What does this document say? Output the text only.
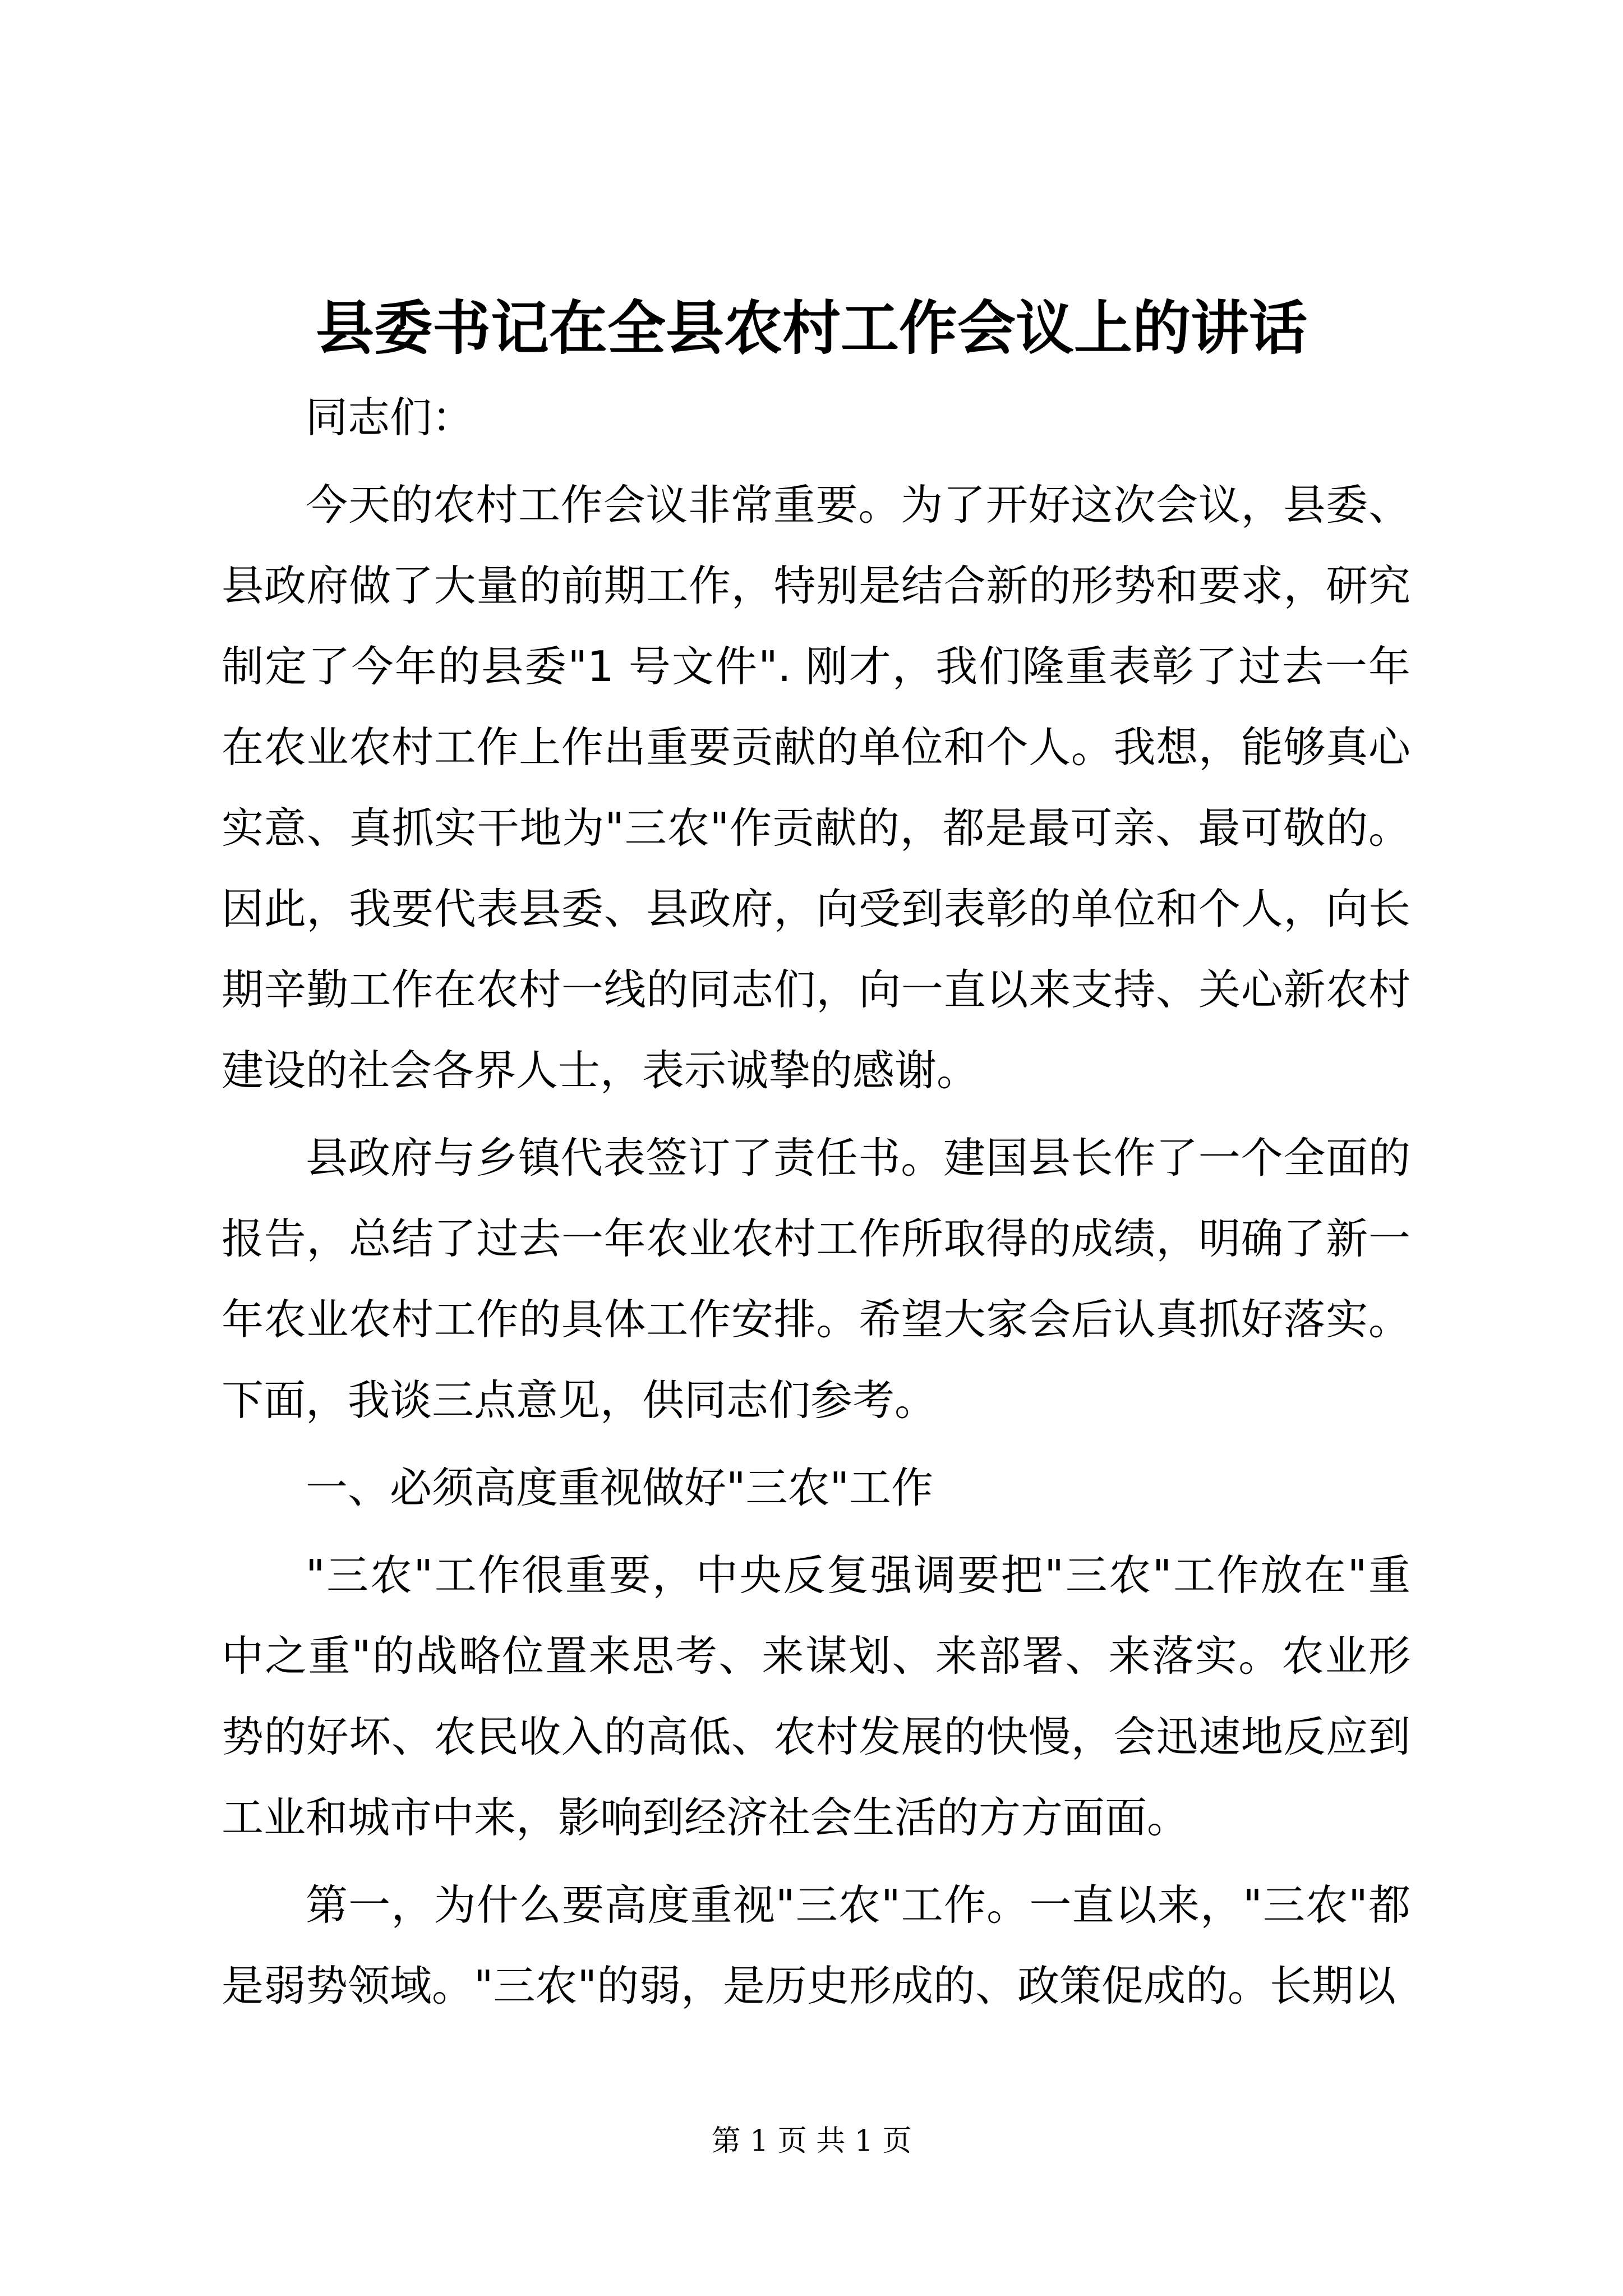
县委书记在全县农村工作会议上的讲话

同志们：

今天的农村工作会议非常重要。为了开好这次会议，县委、县政府做了大量的前期工作，特别是结合新的形势和要求，研究制定了今年的县委"1 号文件". 刚才，我们隆重表彰了过去一年在农业农村工作上作出重要贡献的单位和个人。我想，能够真心实意、真抓实干地为"三农"作贡献的，都是最可亲、最可敬的。因此，我要代表县委、县政府，向受到表彰的单位和个人，向长期辛勤工作在农村一线的同志们，向一直以来支持、关心新农村建设的社会各界人士，表示诚挚的感谢。

县政府与乡镇代表签订了责任书。建国县长作了一个全面的报告，总结了过去一年农业农村工作所取得的成绩，明确了新一年农业农村工作的具体工作安排。希望大家会后认真抓好落实。下面，我谈三点意见，供同志们参考。

一、必须高度重视做好"三农"工作

"三农"工作很重要，中央反复强调要把"三农"工作放在"重中之重"的战略位置来思考、来谋划、来部署、来落实。农业形势的好坏、农民收入的高低、农村发展的快慢，会迅速地反应到工业和城市中来，影响到经济社会生活的方方面面。

第一，为什么要高度重视"三农"工作。一直以来，"三农"都是弱势领域。"三农"的弱，是历史形成的、政策促成的。长期以

第 1 页 共 1 页
